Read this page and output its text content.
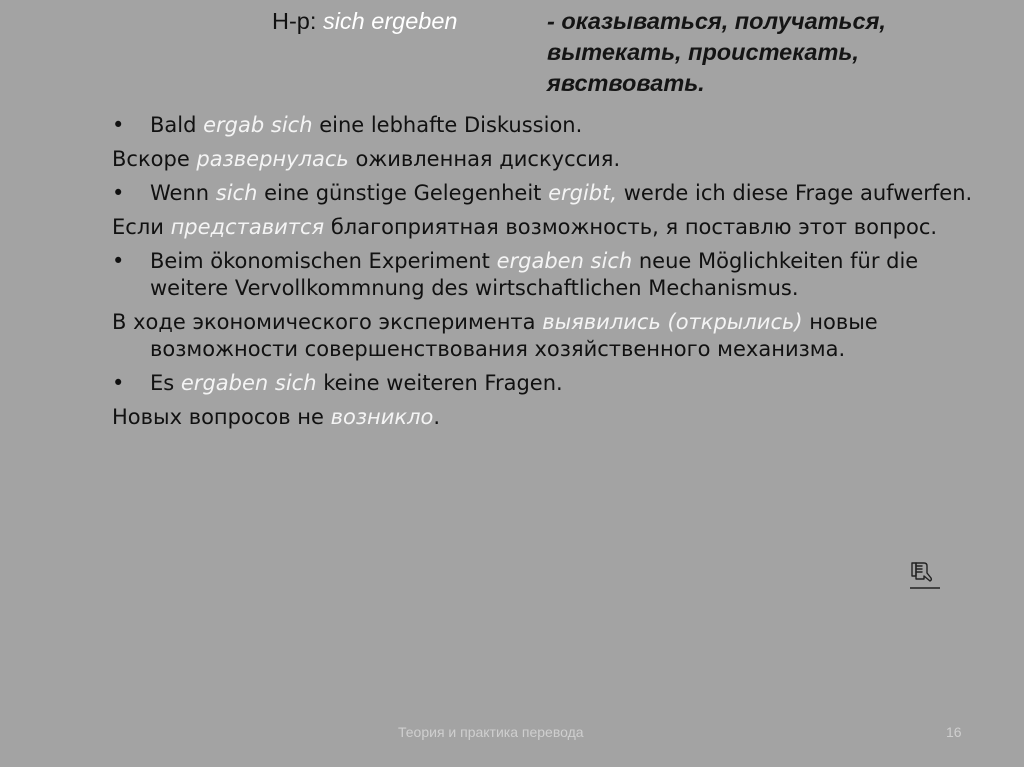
Н-р: sich ergeben	- оказываться, получаться, вытекать, проистекать, явствовать.
• Bald ergab sich eine lebhafte Diskussion.
Вскоре развернулась оживленная дискуссия.
• Wenn sich eine günstige Gelegenheit ergibt, werde ich diese Frage aufwerfen.
Если представится благоприятная возможность, я поставлю этот вопрос.
• Beim ökonomischen Experiment ergaben sich neue Möglichkeiten für die weitere Vervollkommnung des wirtschaftlichen Mechanismus.
В ходе экономического эксперимента выявились (открылись) новые возможности совершенствования хозяйственного механизма.
• Es ergaben sich keine weiteren Fragen.
Новых вопросов не возникло.
Теория и практика перевода	16
